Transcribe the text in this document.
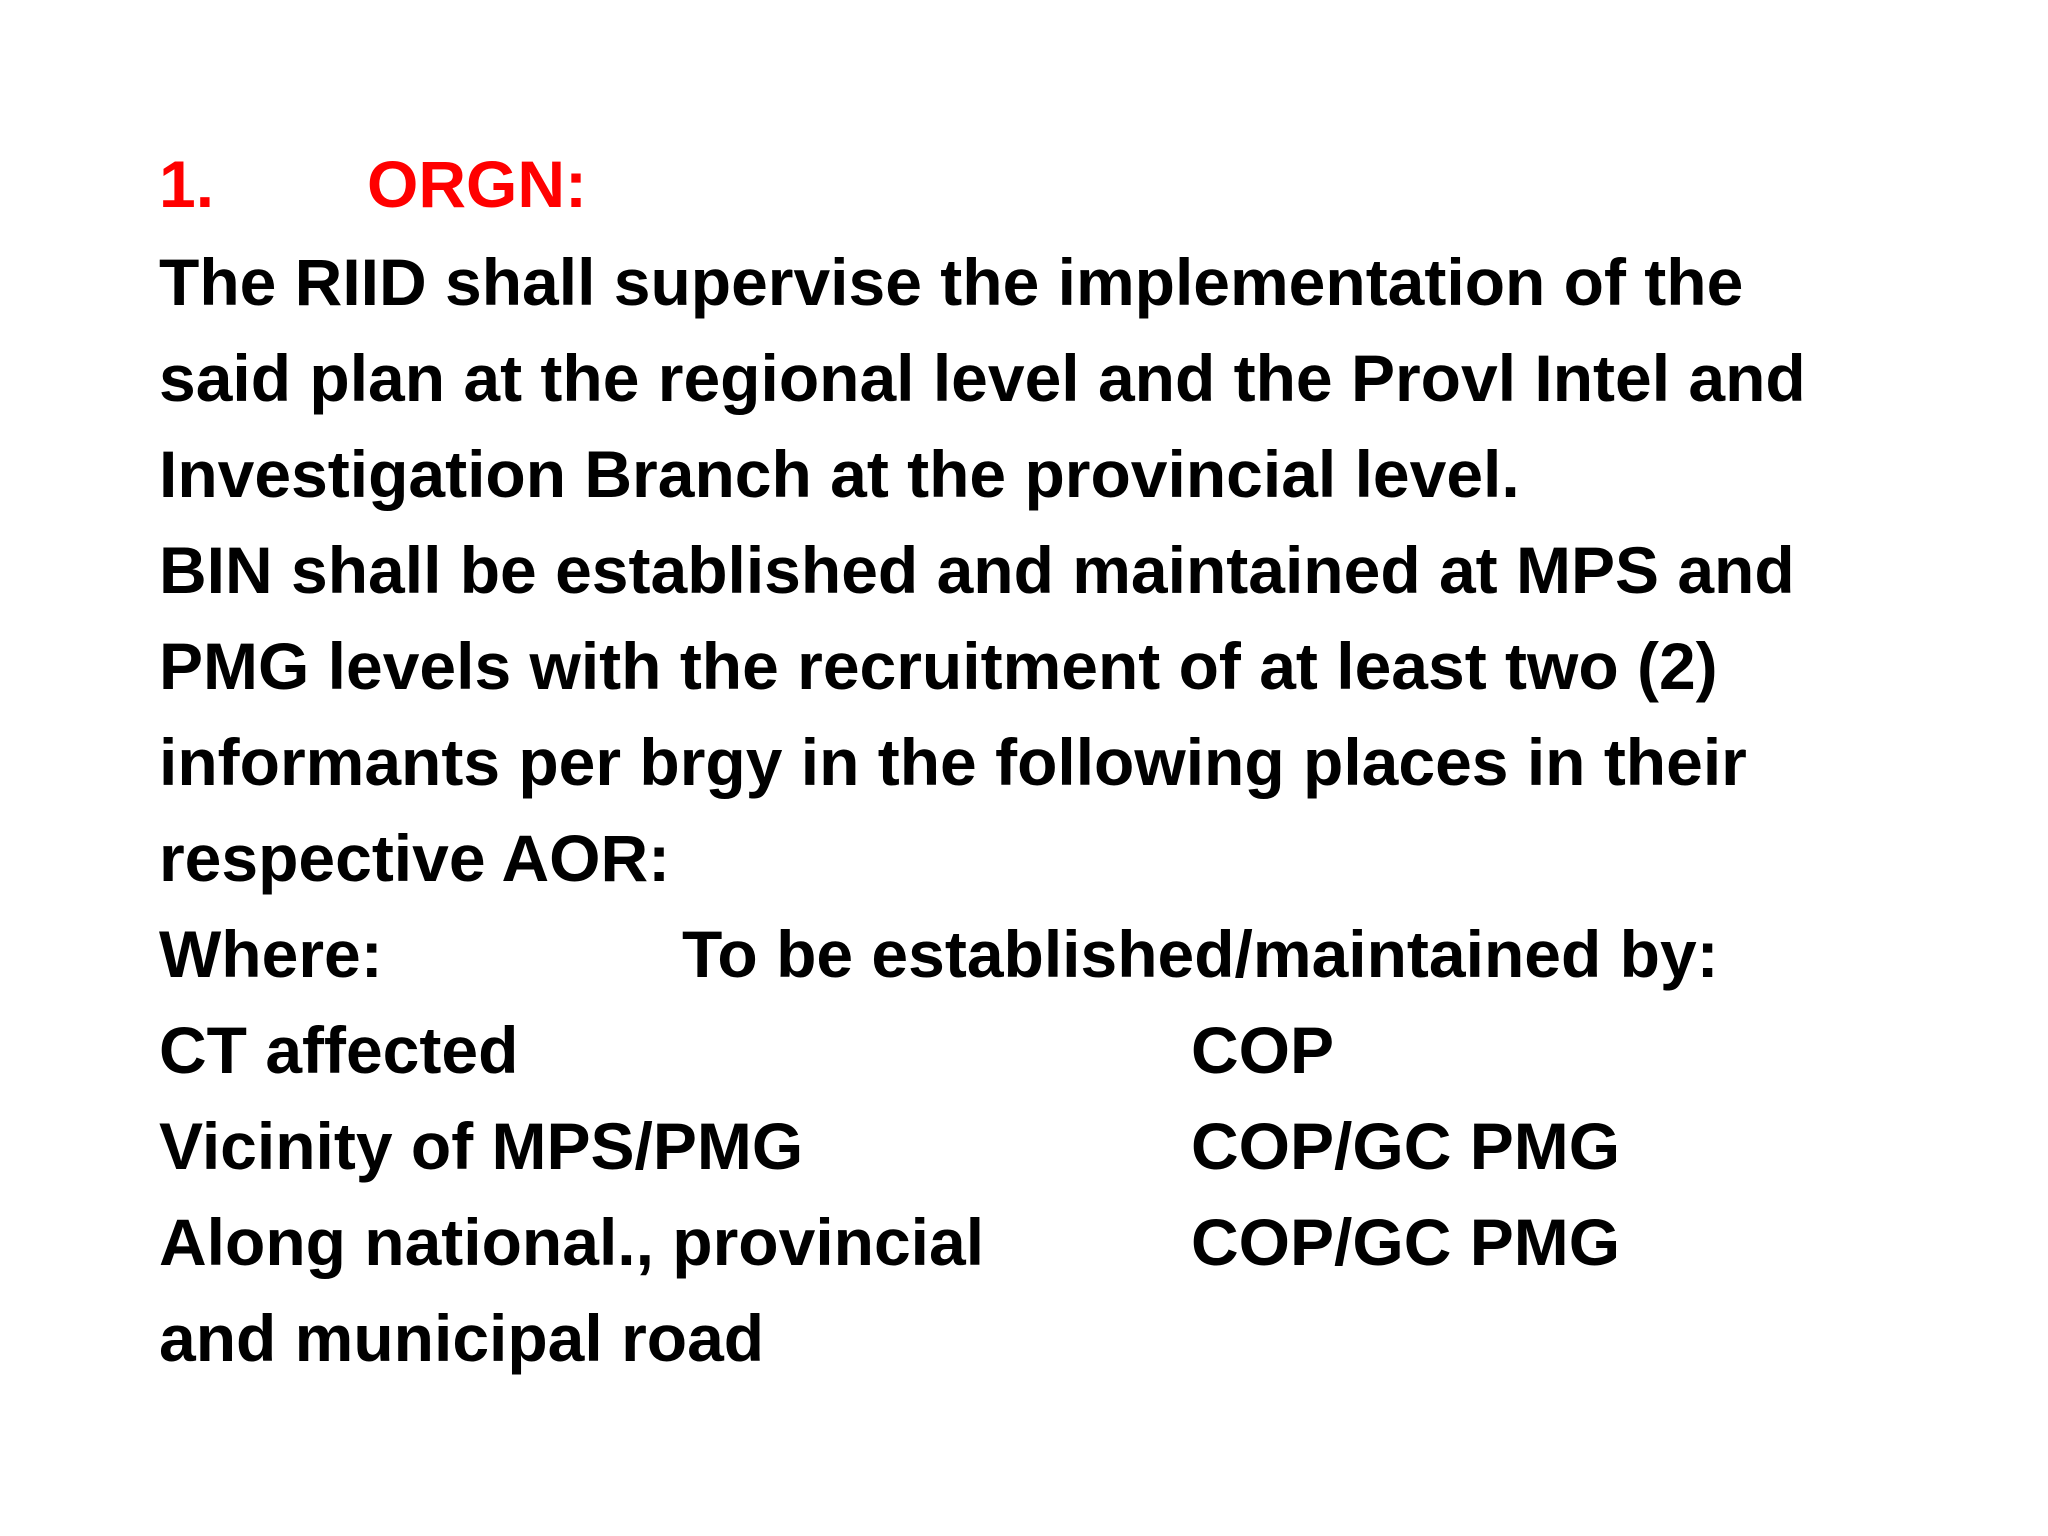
1. ORGN:
The RIID shall supervise the implementation of the
said plan at the regional level and the Provl Intel and
Investigation Branch at the provincial level.
BIN shall be established and maintained at MPS and
PMG levels with the recruitment of at least two (2)
informants per brgy in the following places in their
respective AOR:
Where:	To be established/maintained by:
CT affected	COP
Vicinity of MPS/PMG	COP/GC PMG
Along national., provincial	COP/GC PMG
and municipal road
